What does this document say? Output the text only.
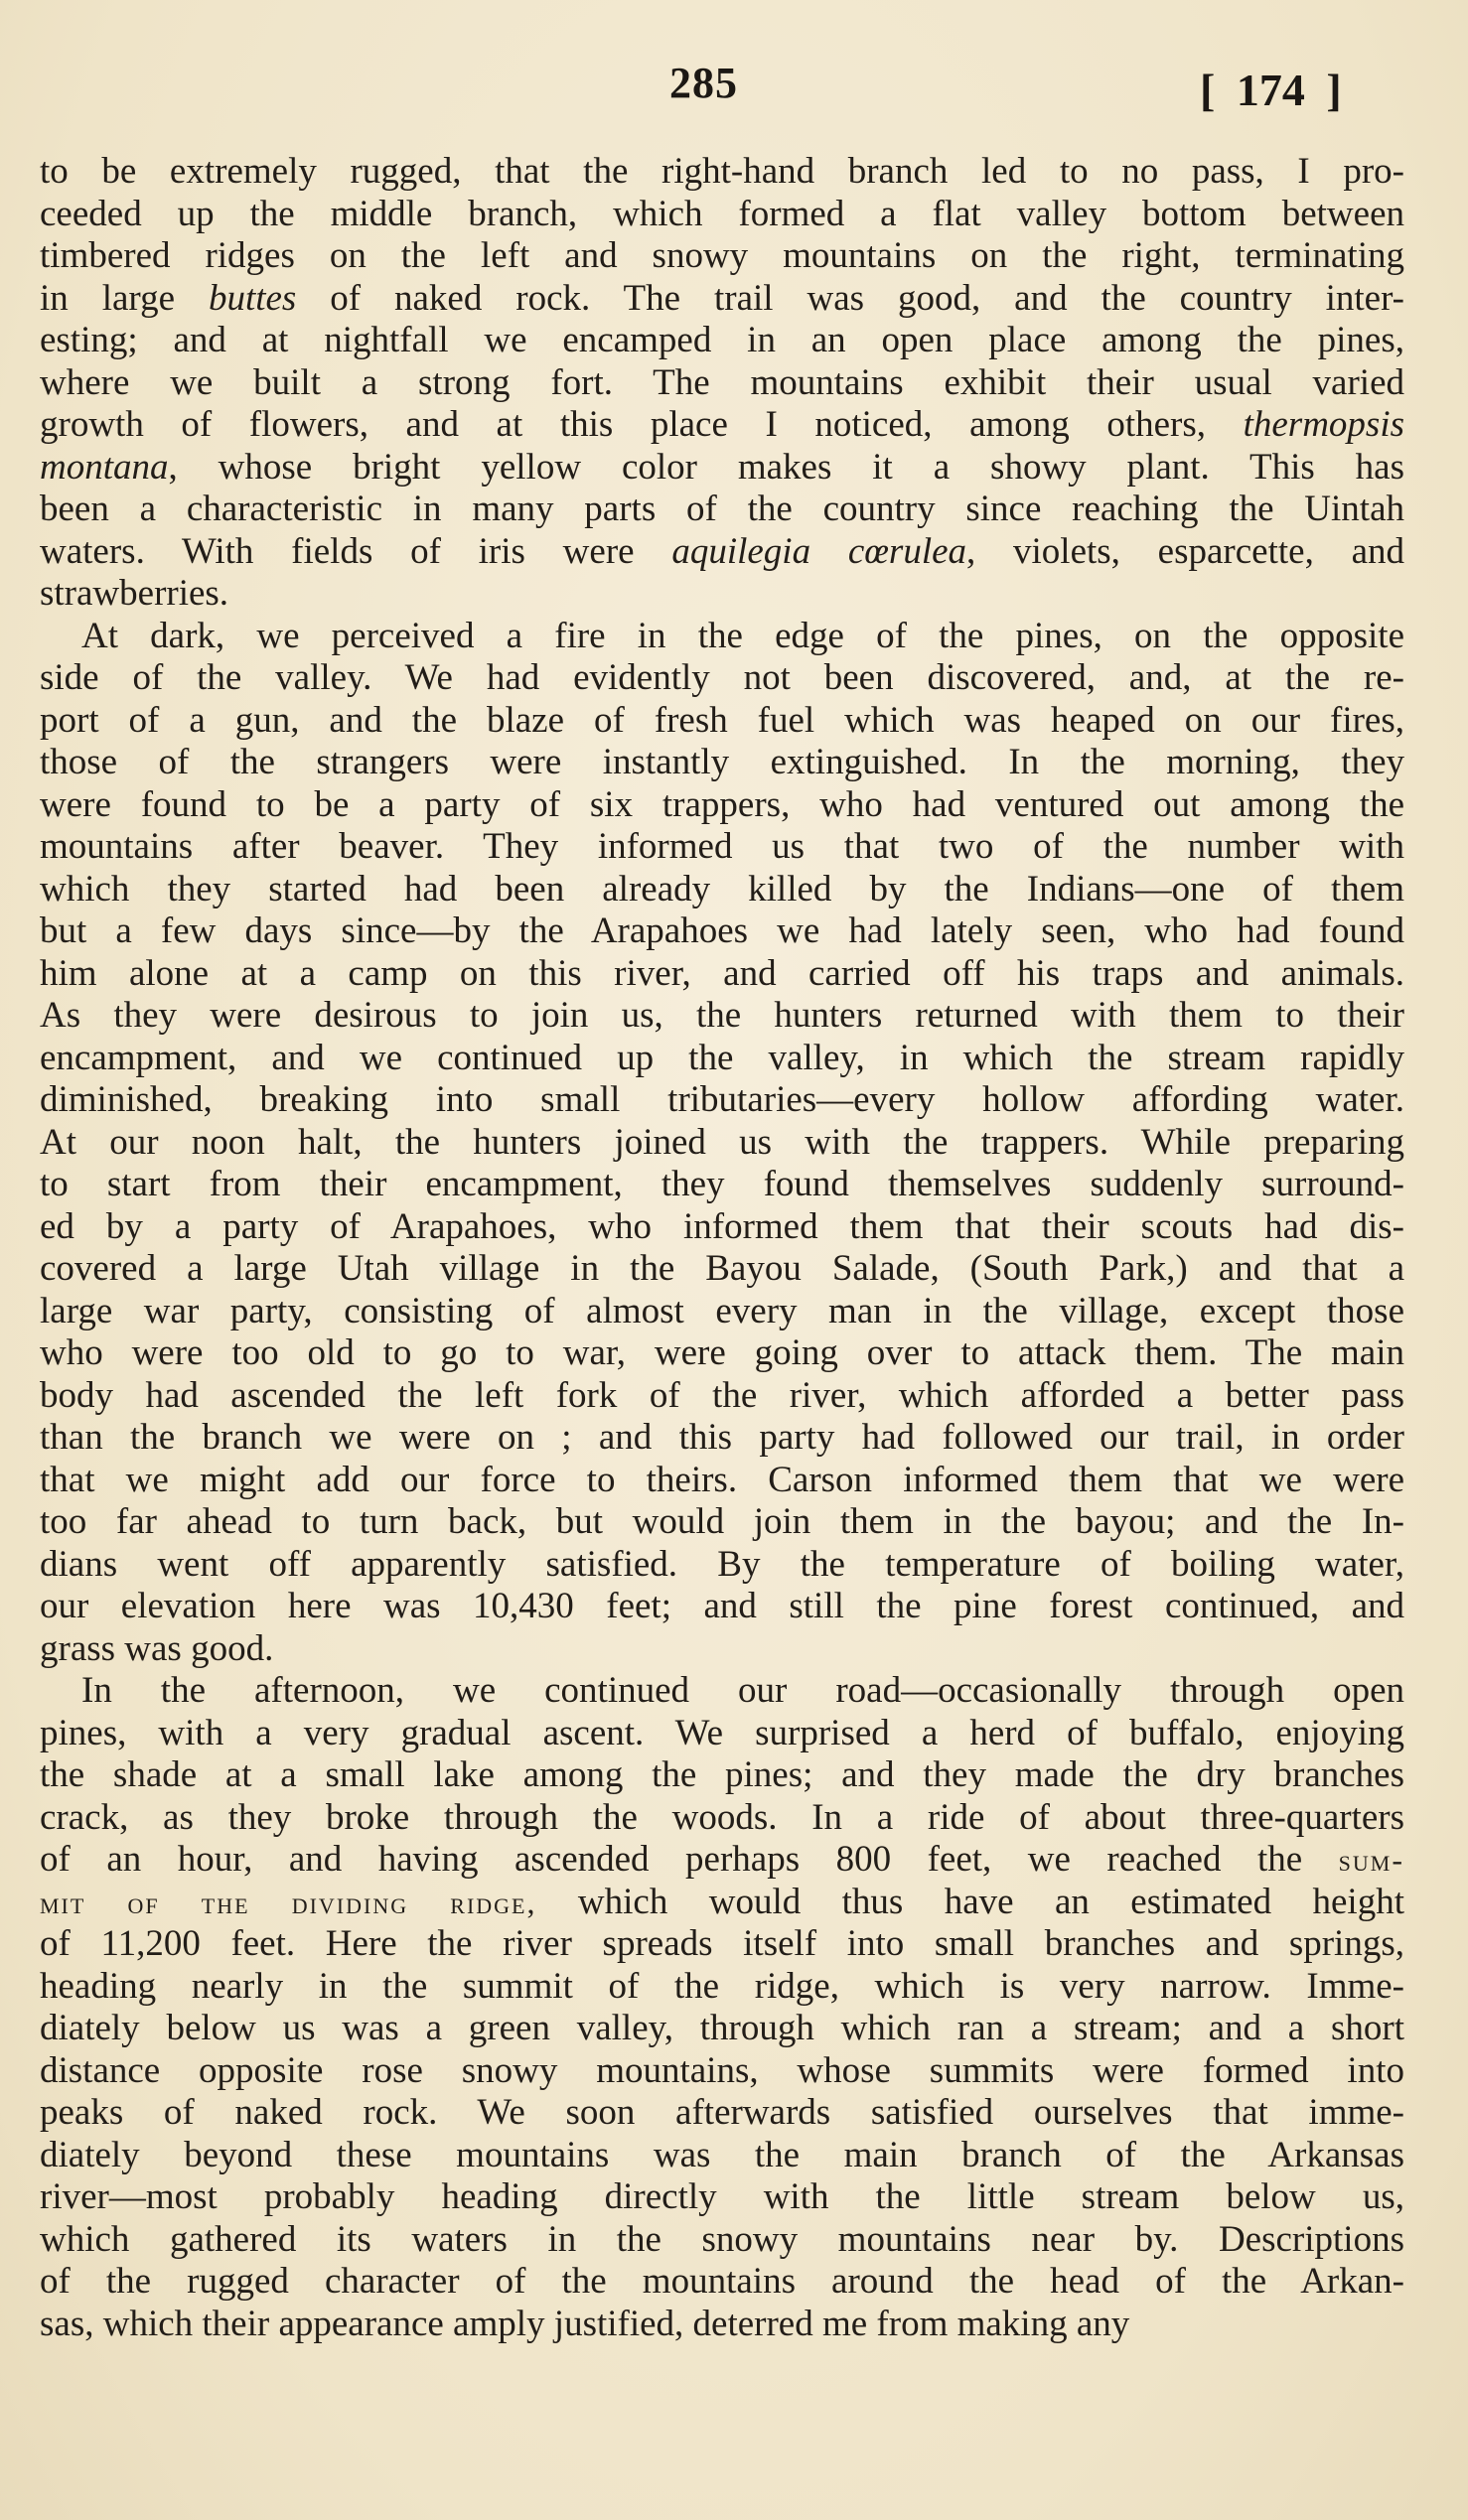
285	[ 174 ]
to be extremely rugged, that the right-hand branch led to no pass, I pro-
ceeded up the middle branch, which formed a flat valley bottom between
timbered ridges on the left and snowy mountains on the right, terminating
in large buttes of naked rock. The trail was good, and the country inter-
esting; and at nightfall we encamped in an open place among the pines,
where we built a strong fort. The mountains exhibit their usual varied
growth of flowers, and at this place I noticed, among others, thermopsis
montana, whose bright yellow color makes it a showy plant. This has
been a characteristic in many parts of the country since reaching the Uintah
waters. With fields of iris were aquilegia cœrulea, violets, esparcette, and
strawberries.
At dark, we perceived a fire in the edge of the pines, on the opposite
side of the valley. We had evidently not been discovered, and, at the re-
port of a gun, and the blaze of fresh fuel which was heaped on our fires,
those of the strangers were instantly extinguished. In the morning, they
were found to be a party of six trappers, who had ventured out among the
mountains after beaver. They informed us that two of the number with
which they started had been already killed by the Indians—one of them
but a few days since—by the Arapahoes we had lately seen, who had found
him alone at a camp on this river, and carried off his traps and animals.
As they were desirous to join us, the hunters returned with them to their
encampment, and we continued up the valley, in which the stream rapidly
diminished, breaking into small tributaries—every hollow affording water.
At our noon halt, the hunters joined us with the trappers. While preparing
to start from their encampment, they found themselves suddenly surround-
ed by a party of Arapahoes, who informed them that their scouts had dis-
covered a large Utah village in the Bayou Salade, (South Park,) and that a
large war party, consisting of almost every man in the village, except those
who were too old to go to war, were going over to attack them. The main
body had ascended the left fork of the river, which afforded a better pass
than the branch we were on ; and this party had followed our trail, in order
that we might add our force to theirs. Carson informed them that we were
too far ahead to turn back, but would join them in the bayou; and the In-
dians went off apparently satisfied. By the temperature of boiling water,
our elevation here was 10,430 feet; and still the pine forest continued, and
grass was good.
In the afternoon, we continued our road—occasionally through open
pines, with a very gradual ascent. We surprised a herd of buffalo, enjoying
the shade at a small lake among the pines; and they made the dry branches
crack, as they broke through the woods. In a ride of about three-quarters
of an hour, and having ascended perhaps 800 feet, we reached the sum-
mit of the dividing ridge, which would thus have an estimated height
of 11,200 feet. Here the river spreads itself into small branches and springs,
heading nearly in the summit of the ridge, which is very narrow. Imme-
diately below us was a green valley, through which ran a stream; and a short
distance opposite rose snowy mountains, whose summits were formed into
peaks of naked rock. We soon afterwards satisfied ourselves that imme-
diately beyond these mountains was the main branch of the Arkansas
river—most probably heading directly with the little stream below us,
which gathered its waters in the snowy mountains near by. Descriptions
of the rugged character of the mountains around the head of the Arkan-
sas, which their appearance amply justified, deterred me from making any
